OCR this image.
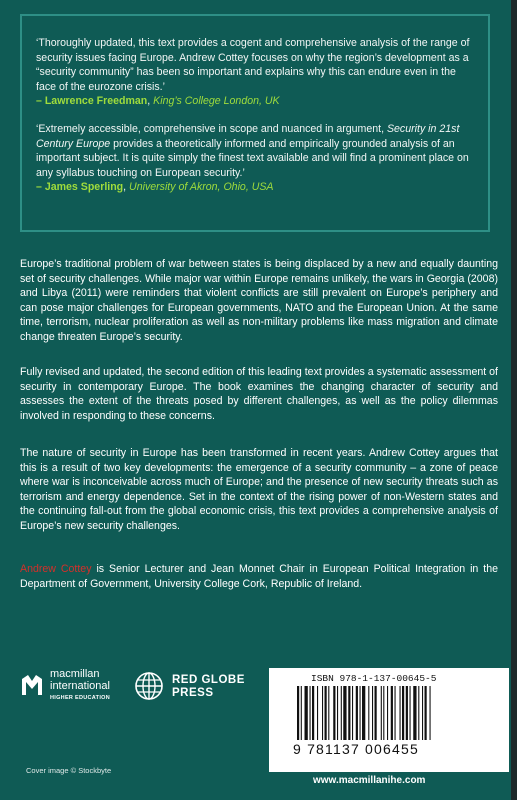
‘Thoroughly updated, this text provides a cogent and comprehensive analysis of the range of security issues facing Europe. Andrew Cottey focuses on why the region’s development as a “security community” has been so important and explains why this can endure even in the face of the eurozone crisis.’
– Lawrence Freedman, King’s College London, UK

‘Extremely accessible, comprehensive in scope and nuanced in argument, Security in 21st Century Europe provides a theoretically informed and empirically grounded analysis of an important subject. It is quite simply the finest text available and will find a prominent place on any syllabus touching on European security.’
– James Sperling, University of Akron, Ohio, USA

Europe’s traditional problem of war between states is being displaced by a new and equally daunting set of security challenges. While major war within Europe remains unlikely, the wars in Georgia (2008) and Libya (2011) were reminders that violent conflicts are still prevalent on Europe’s periphery and can pose major challenges for European governments, NATO and the European Union. At the same time, terrorism, nuclear proliferation as well as non-military problems like mass migration and climate change threaten Europe’s security.

Fully revised and updated, the second edition of this leading text provides a systematic assessment of security in contemporary Europe. The book examines the changing character of security and assesses the extent of the threats posed by different challenges, as well as the policy dilemmas involved in responding to these concerns.

The nature of security in Europe has been transformed in recent years. Andrew Cottey argues that this is a result of two key developments: the emergence of a security community – a zone of peace where war is inconceivable across much of Europe; and the presence of new security threats such as terrorism and energy dependence. Set in the context of the rising power of non-Western states and the continuing fall-out from the global economic crisis, this text provides a comprehensive analysis of Europe’s new security challenges.

Andrew Cottey is Senior Lecturer and Jean Monnet Chair in European Political Integration in the Department of Government, University College Cork, Republic of Ireland.

macmillan
international
HIGHER EDUCATION
RED GLOBE
PRESS
ISBN 978-1-137-00645-5
9 781137 006455
www.macmillanihe.com
Cover image © Stockbyte
